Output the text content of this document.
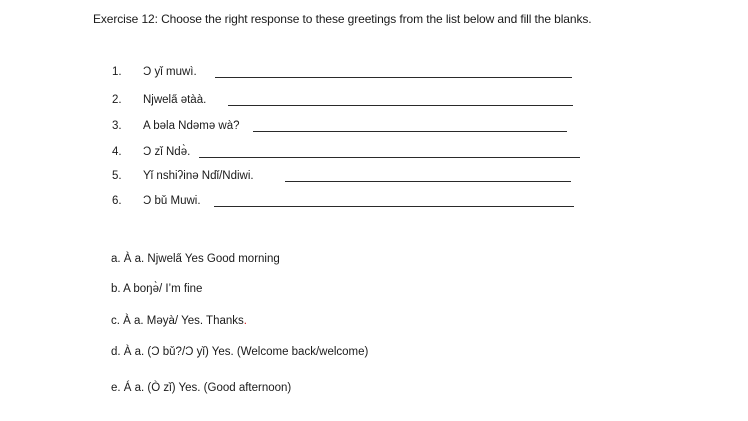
Exercise 12: Choose the right response to these greetings from the list below and fill the blanks.
1. Ɔ yǐ muwì.
2. Njwela̋ ətàà.
3. A bəla Ndəmə wà?
4. Ɔ zǐ Ndə̀.
5. Yǐ nshiʔinə Ndǐ/Ndiwi.
6. Ɔ bǔ Muwi.
a. À a. Njwela̋ Yes Good morning
b. A boŋə̀/ I’m fine
c. À a. Məyà/ Yes. Thanks.
d. À a. (Ɔ bǔ?/Ɔ yǐ) Yes. (Welcome back/welcome)
e. Á a. (Ò zǐ) Yes. (Good afternoon)
